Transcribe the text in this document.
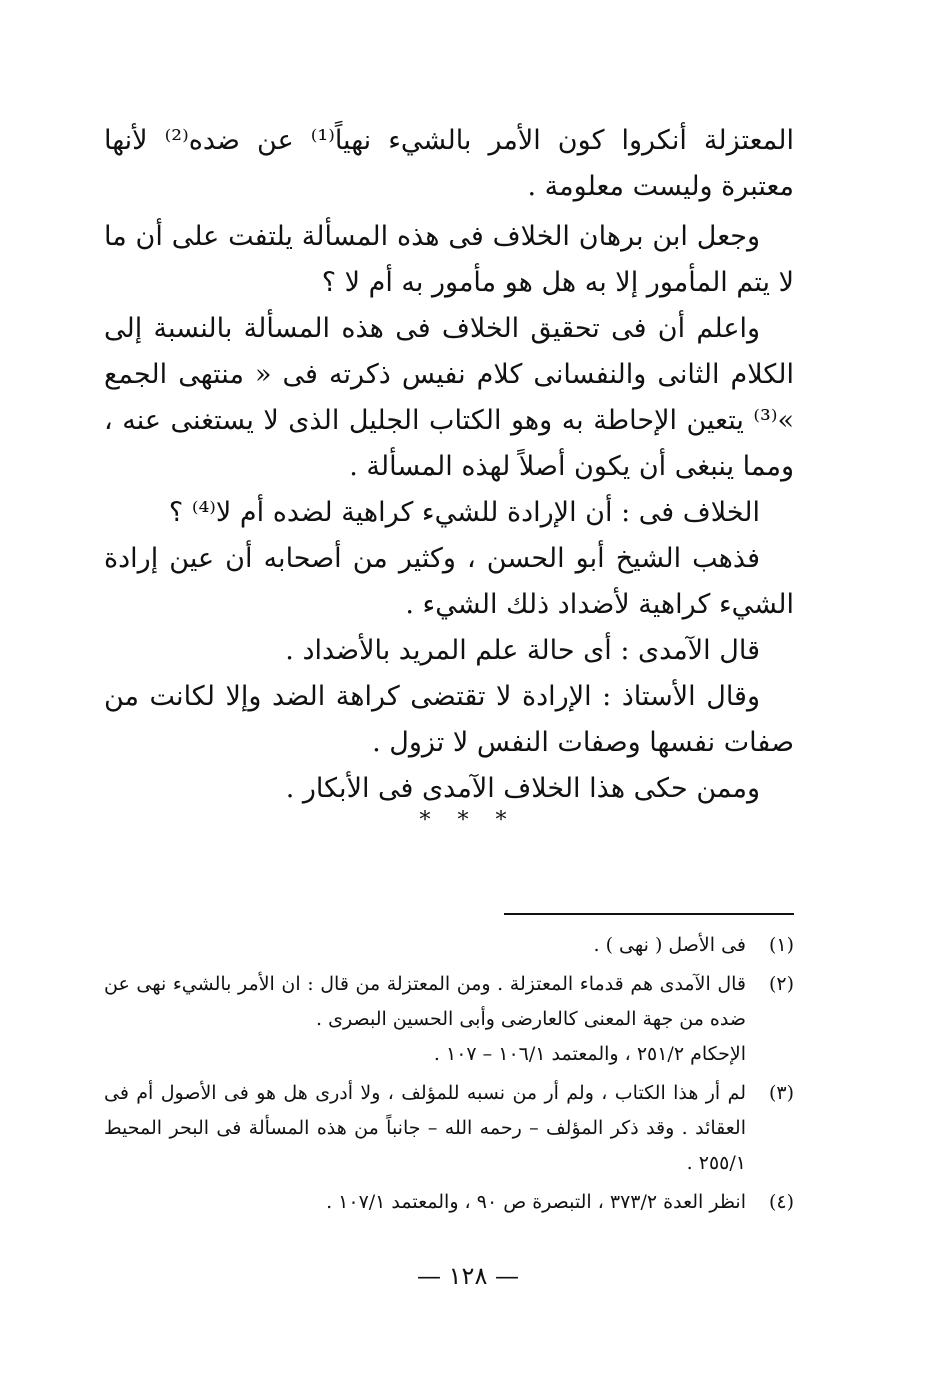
المعتزلة أنكروا كون الأمر بالشيء نهياً⁽¹⁾ عن ضده⁽²⁾ لأنها معتبرة وليست معلومة .

وجعل ابن برهان الخلاف فى هذه المسألة يلتفت على أن ما لا يتم المأمور إلا به هل هو مأمور به أم لا ؟

واعلم أن فى تحقيق الخلاف فى هذه المسألة بالنسبة إلى الكلام الثانى والنفسانى كلام نفيس ذكرته فى « منتهى الجمع »⁽³⁾ يتعين الإحاطة به وهو الكتاب الجليل الذى لا يستغنى عنه ، ومما ينبغى أن يكون أصلاً لهذه المسألة .

الخلاف فى : أن الإرادة للشيء كراهية لضده أم لا⁽⁴⁾ ؟

فذهب الشيخ أبو الحسن ، وكثير من أصحابه أن عين إرادة الشيء كراهية لأضداد ذلك الشيء .

قال الآمدى : أى حالة علم المريد بالأضداد .

وقال الأستاذ : الإرادة لا تقتضى كراهة الضد وإلا لكانت من صفات نفسها وصفات النفس لا تزول .

وممن حكى هذا الخلاف الآمدى فى الأبكار .

* * *
(١)
فى الأصل ( نهى ) .
(٢)
قال الآمدى هم قدماء المعتزلة . ومن المعتزلة من قال : ان الأمر بالشيء نهى عن ضده من جهة المعنى كالعارضى وأبى الحسين البصرى .
الإحكام ٢٥١/٢ ، والمعتمد ١٠٦/١ – ١٠٧ .
(٣)
لم أر هذا الكتاب ، ولم أر من نسبه للمؤلف ، ولا أدرى هل هو فى الأصول أم فى العقائد . وقد ذكر المؤلف – رحمه الله – جانباً من هذه المسألة فى البحر المحيط ٢٥٥/١ .
(٤)
انظر العدة ٣٧٣/٢ ، التبصرة ص ٩٠ ، والمعتمد ١٠٧/١ .
— ١٢٨ —
